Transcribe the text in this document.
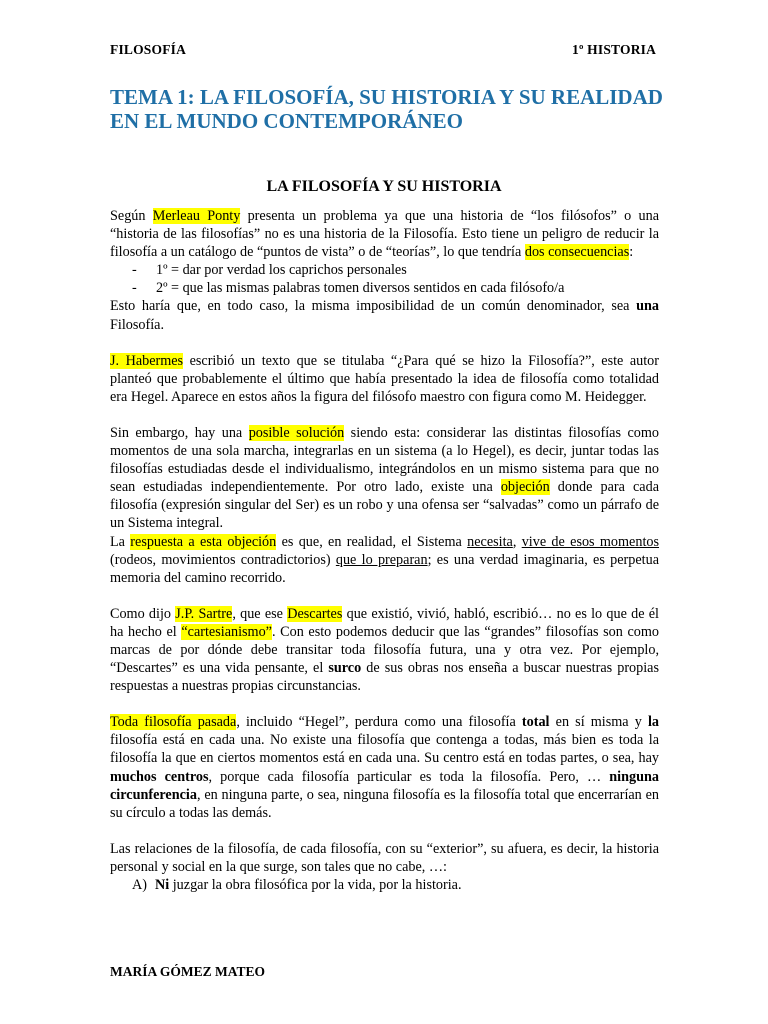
FILOSOFÍA	1º HISTORIA
TEMA 1: LA FILOSOFÍA, SU HISTORIA Y SU REALIDAD EN EL MUNDO CONTEMPORÁNEO
LA FILOSOFÍA Y SU HISTORIA

Según Merleau Ponty presenta un problema ya que una historia de “los filósofos” o una “historia de las filosofías” no es una historia de la Filosofía. Esto tiene un peligro de reducir la filosofía a un catálogo de “puntos de vista” o de “teorías”, lo que tendría dos consecuencias:

- 1º = dar por verdad los caprichos personales
- 2º = que las mismas palabras tomen diversos sentidos en cada filósofo/a

Esto haría que, en todo caso, la misma imposibilidad de un común denominador, sea una Filosofía.

J. Habermes escribió un texto que se titulaba “¿Para qué se hizo la Filosofía?”, este autor planteó que probablemente el último que había presentado la idea de filosofía como totalidad era Hegel. Aparece en estos años la figura del filósofo maestro con figura como M. Heidegger.

Sin embargo, hay una posible solución siendo esta: considerar las distintas filosofías como momentos de una sola marcha, integrarlas en un sistema (a lo Hegel), es decir, juntar todas las filosofías estudiadas desde el individualismo, integrándolos en un mismo sistema para que no sean estudiadas independientemente. Por otro lado, existe una objeción donde para cada filosofía (expresión singular del Ser) es un robo y una ofensa ser “salvadas” como un párrafo de un Sistema integral.

La respuesta a esta objeción es que, en realidad, el Sistema necesita, vive de esos momentos (rodeos, movimientos contradictorios) que lo preparan; es una verdad imaginaria, es perpetua memoria del camino recorrido.

Como dijo J.P. Sartre, que ese Descartes que existió, vivió, habló, escribió… no es lo que de él ha hecho el “cartesianismo”. Con esto podemos deducir que las “grandes” filosofías son como marcas de por dónde debe transitar toda filosofía futura, una y otra vez. Por ejemplo, “Descartes” es una vida pensante, el surco de sus obras nos enseña a buscar nuestras propias respuestas a nuestras propias circunstancias.

Toda filosofía pasada, incluido “Hegel”, perdura como una filosofía total en sí misma y la filosofía está en cada una. No existe una filosofía que contenga a todas, más bien es toda la filosofía la que en ciertos momentos está en cada una. Su centro está en todas partes, o sea, hay muchos centros, porque cada filosofía particular es toda la filosofía. Pero, … ninguna circunferencia, en ninguna parte, o sea, ninguna filosofía es la filosofía total que encerrarían en su círculo a todas las demás.

Las relaciones de la filosofía, de cada filosofía, con su “exterior”, su afuera, es decir, la historia personal y social en la que surge, son tales que no cabe, …:

A) Ni juzgar la obra filosófica por la vida, por la historia.
MARÍA GÓMEZ MATEO
